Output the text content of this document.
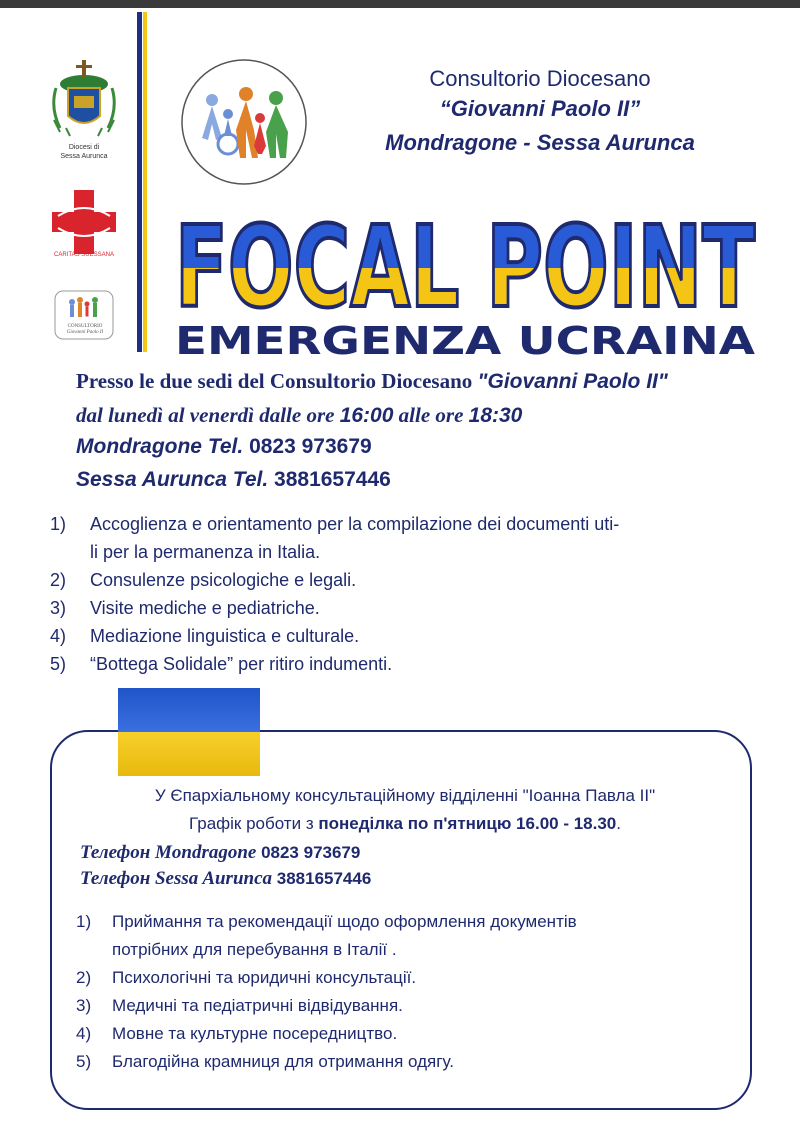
Diocesi di
Sessa Aurunca
CARITAS SUESSANA
CONSULTORIO
Giovanni Paolo II
Consultorio Diocesano
“Giovanni Paolo II”
Mondragone - Sessa Aurunca
FOCAL POINT
EMERGENZA UCRAINA
Presso le due sedi del Consultorio Diocesano "Giovanni Paolo II"
dal lunedì al venerdì dalle ore 16:00 alle ore 18:30
Mondragone Tel. 0823 973679
Sessa Aurunca Tel. 3881657446
1) Accoglienza e orientamento per la compilazione dei documenti uti-
li per la permanenza in Italia.
2) Consulenze psicologiche e legali.
3) Visite mediche e pediatriche.
4) Mediazione linguistica e culturale.
5) “Bottega Solidale” per ritiro indumenti.
У Єпархіальному консультаційному відділенні "Іоанна Павла ІІ"
Графік роботи з понеділка по п'ятницю 16.00 - 18.30.
Телефон Mondragone 0823 973679
Телефон Sessa Aurunca 3881657446
1) Приймання та рекомендації щодо оформлення документів
потрібних для перебування в Італії .
2) Психологічні та юридичні консультації.
3) Медичні та педіатричні відвідування.
4) Мовне та культурне посередництво.
5) Благодійна крамниця для отримання одягу.
